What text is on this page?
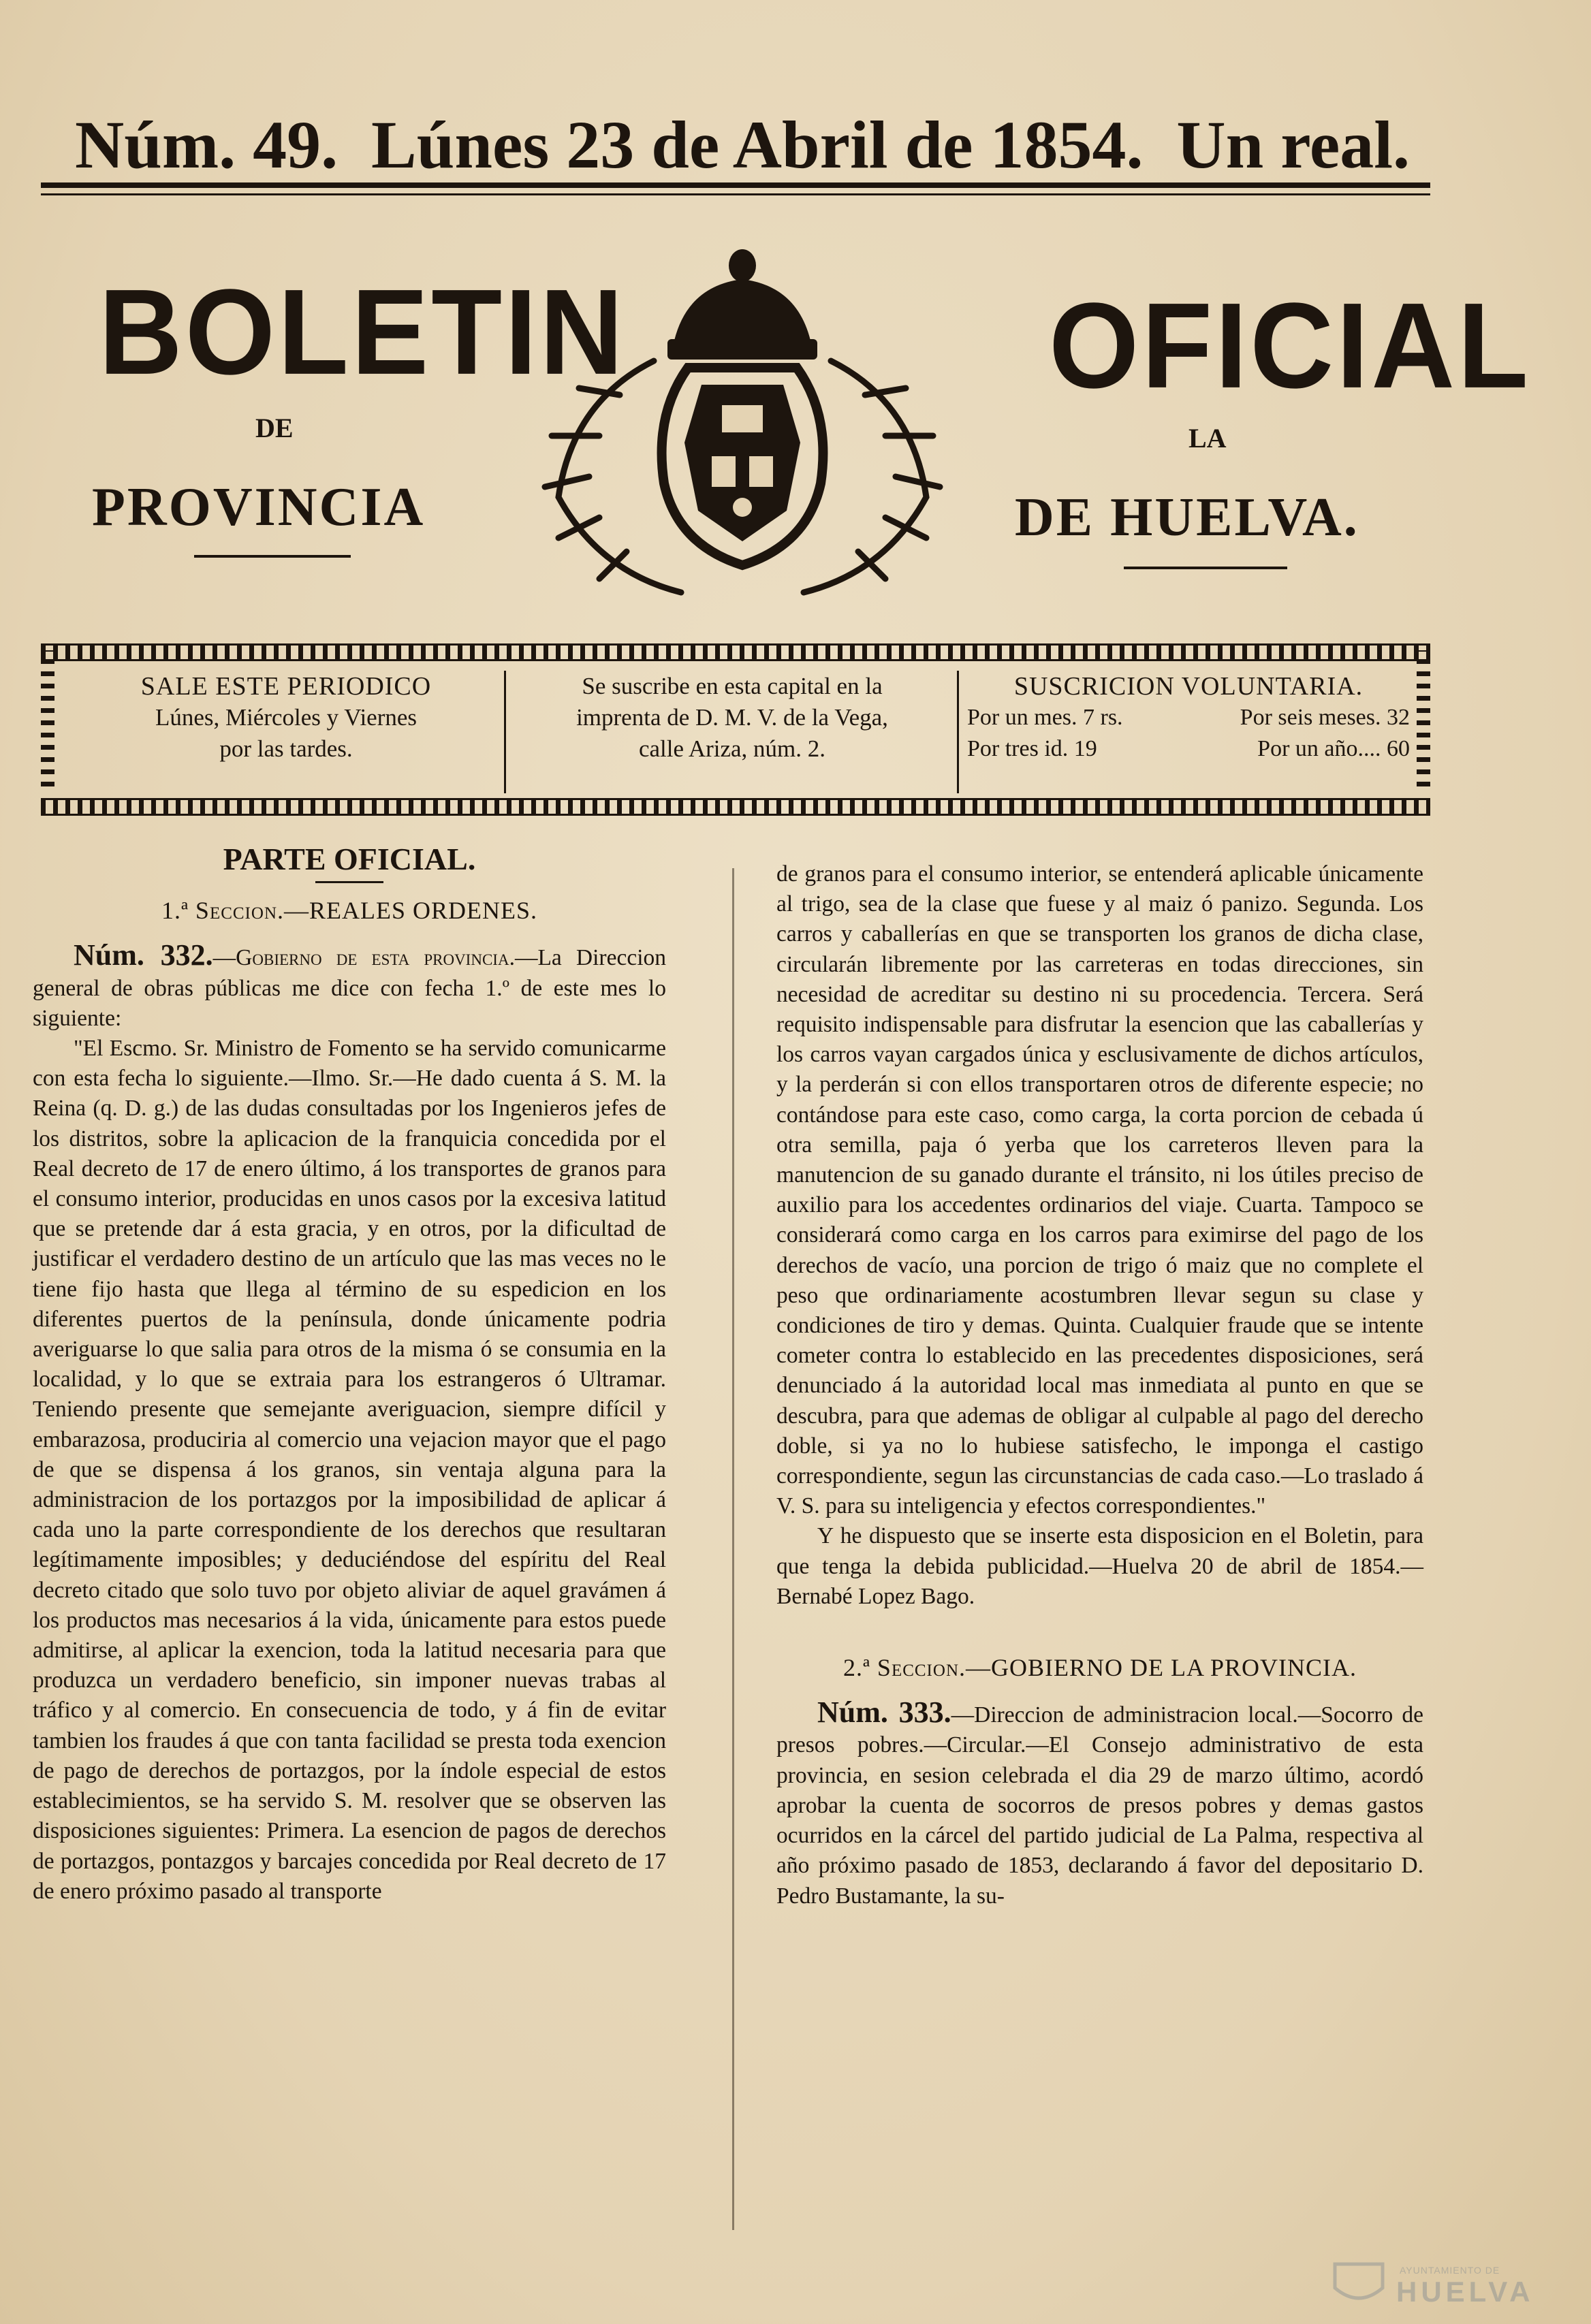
Núm. 49. Lúnes 23 de Abril de 1854. Un real.
BOLETIN
DE
PROVINCIA
OFICIAL
LA
DE HUELVA.
SALE ESTE PERIODICO
Lúnes, Miércoles y Viernes
por las tardes.
Se suscribe en esta capital en la
imprenta de D. M. V. de la Vega,
calle Ariza, núm. 2.
SUSCRICION VOLUNTARIA.
Por un mes. 7 rs.	Por seis meses. 32
Por tres id. 19	Por un año.... 60
PARTE OFICIAL.
1.ª Seccion.—REALES ORDENES.

Núm. 332.—Gobierno de esta provincia.—La Direccion general de obras públicas me dice con fecha 1.º de este mes lo siguiente:

"El Escmo. Sr. Ministro de Fomento se ha servido comunicarme con esta fecha lo siguiente.—Ilmo. Sr.—He dado cuenta á S. M. la Reina (q. D. g.) de las dudas consultadas por los Ingenieros jefes de los distritos, sobre la aplicacion de la franquicia concedida por el Real decreto de 17 de enero último, á los transportes de granos para el consumo interior, producidas en unos casos por la excesiva latitud que se pretende dar á esta gracia, y en otros, por la dificultad de justificar el verdadero destino de un artículo que las mas veces no le tiene fijo hasta que llega al término de su espedicion en los diferentes puertos de la península, donde únicamente podria averiguarse lo que salia para otros de la misma ó se consumia en la localidad, y lo que se extraia para los estrangeros ó Ultramar. Teniendo presente que semejante averiguacion, siempre difícil y embarazosa, produciria al comercio una vejacion mayor que el pago de que se dispensa á los granos, sin ventaja alguna para la administracion de los portazgos por la imposibilidad de aplicar á cada uno la parte correspondiente de los derechos que resultaran legítimamente imposibles; y deduciéndose del espíritu del Real decreto citado que solo tuvo por objeto aliviar de aquel gravámen á los productos mas necesarios á la vida, únicamente para estos puede admitirse, al aplicar la exencion, toda la latitud necesaria para que produzca un verdadero beneficio, sin imponer nuevas trabas al tráfico y al comercio. En consecuencia de todo, y á fin de evitar tambien los fraudes á que con tanta facilidad se presta toda exencion de pago de derechos de portazgos, por la índole especial de estos establecimientos, se ha servido S. M. resolver que se observen las disposiciones siguientes: Primera. La esencion de pagos de derechos de portazgos, pontazgos y barcajes concedida por Real decreto de 17 de enero próximo pasado al transporte

de granos para el consumo interior, se entenderá aplicable únicamente al trigo, sea de la clase que fuese y al maiz ó panizo. Segunda. Los carros y caballerías en que se transporten los granos de dicha clase, circularán libremente por las carreteras en todas direcciones, sin necesidad de acreditar su destino ni su procedencia. Tercera. Será requisito indispensable para disfrutar la esencion que las caballerías y los carros vayan cargados única y esclusivamente de dichos artículos, y la perderán si con ellos transportaren otros de diferente especie; no contándose para este caso, como carga, la corta porcion de cebada ú otra semilla, paja ó yerba que los carreteros lleven para la manutencion de su ganado durante el tránsito, ni los útiles preciso de auxilio para los accedentes ordinarios del viaje. Cuarta. Tampoco se considerará como carga en los carros para eximirse del pago de los derechos de vacío, una porcion de trigo ó maiz que no complete el peso que ordinariamente acostumbren llevar segun su clase y condiciones de tiro y demas. Quinta. Cualquier fraude que se intente cometer contra lo establecido en las precedentes disposiciones, será denunciado á la autoridad local mas inmediata al punto en que se descubra, para que ademas de obligar al culpable al pago del derecho doble, si ya no lo hubiese satisfecho, le imponga el castigo correspondiente, segun las circunstancias de cada caso.—Lo traslado á V. S. para su inteligencia y efectos correspondientes."

Y he dispuesto que se inserte esta disposicion en el Boletin, para que tenga la debida publicidad.—Huelva 20 de abril de 1854.—Bernabé Lopez Bago.

2.ª Seccion.—GOBIERNO DE LA PROVINCIA.

Núm. 333.—Direccion de administracion local.—Socorro de presos pobres.—Circular.—El Consejo administrativo de esta provincia, en sesion celebrada el dia 29 de marzo último, acordó aprobar la cuenta de socorros de presos pobres y demas gastos ocurridos en la cárcel del partido judicial de La Palma, respectiva al año próximo pasado de 1853, declarando á favor del depositario D. Pedro Bustamante, la su-

AYUNTAMIENTO DE
HUELVA
